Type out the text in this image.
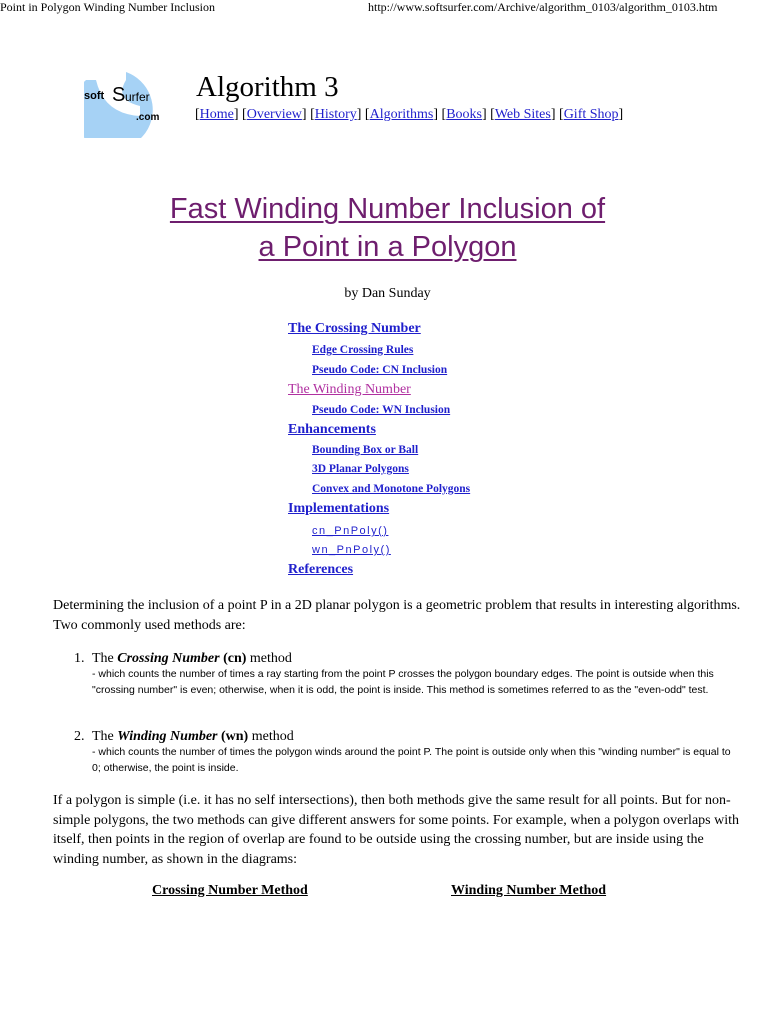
Point in Polygon Winding Number Inclusion	http://www.softsurfer.com/Archive/algorithm_0103/algorithm_0103.htm
soft S urfer
.com
Algorithm 3
[Home] [Overview] [History] [Algorithms] [Books] [Web Sites] [Gift Shop]
Fast Winding Number Inclusion of
a Point in a Polygon
by Dan Sunday
The Crossing Number
Edge Crossing Rules
Pseudo Code: CN Inclusion
The Winding Number
Pseudo Code: WN Inclusion
Enhancements
Bounding Box or Ball
3D Planar Polygons
Convex and Monotone Polygons
Implementations
cn_PnPoly()
wn_PnPoly()
References
Determining the inclusion of a point P in a 2D planar polygon is a geometric problem that results in interesting algorithms. Two commonly used methods are:
1. The Crossing Number (cn) method
- which counts the number of times a ray starting from the point P crosses the polygon boundary edges. The point is outside when this "crossing number" is even; otherwise, when it is odd, the point is inside. This method is sometimes referred to as the "even-odd" test.
2. The Winding Number (wn) method
- which counts the number of times the polygon winds around the point P. The point is outside only when this "winding number" is equal to 0; otherwise, the point is inside.
If a polygon is simple (i.e. it has no self intersections), then both methods give the same result for all points. But for non-simple polygons, the two methods can give different answers for some points. For example, when a polygon overlaps with itself, then points in the region of overlap are found to be outside using the crossing number, but are inside using the winding number, as shown in the diagrams:
Crossing Number Method	Winding Number Method
